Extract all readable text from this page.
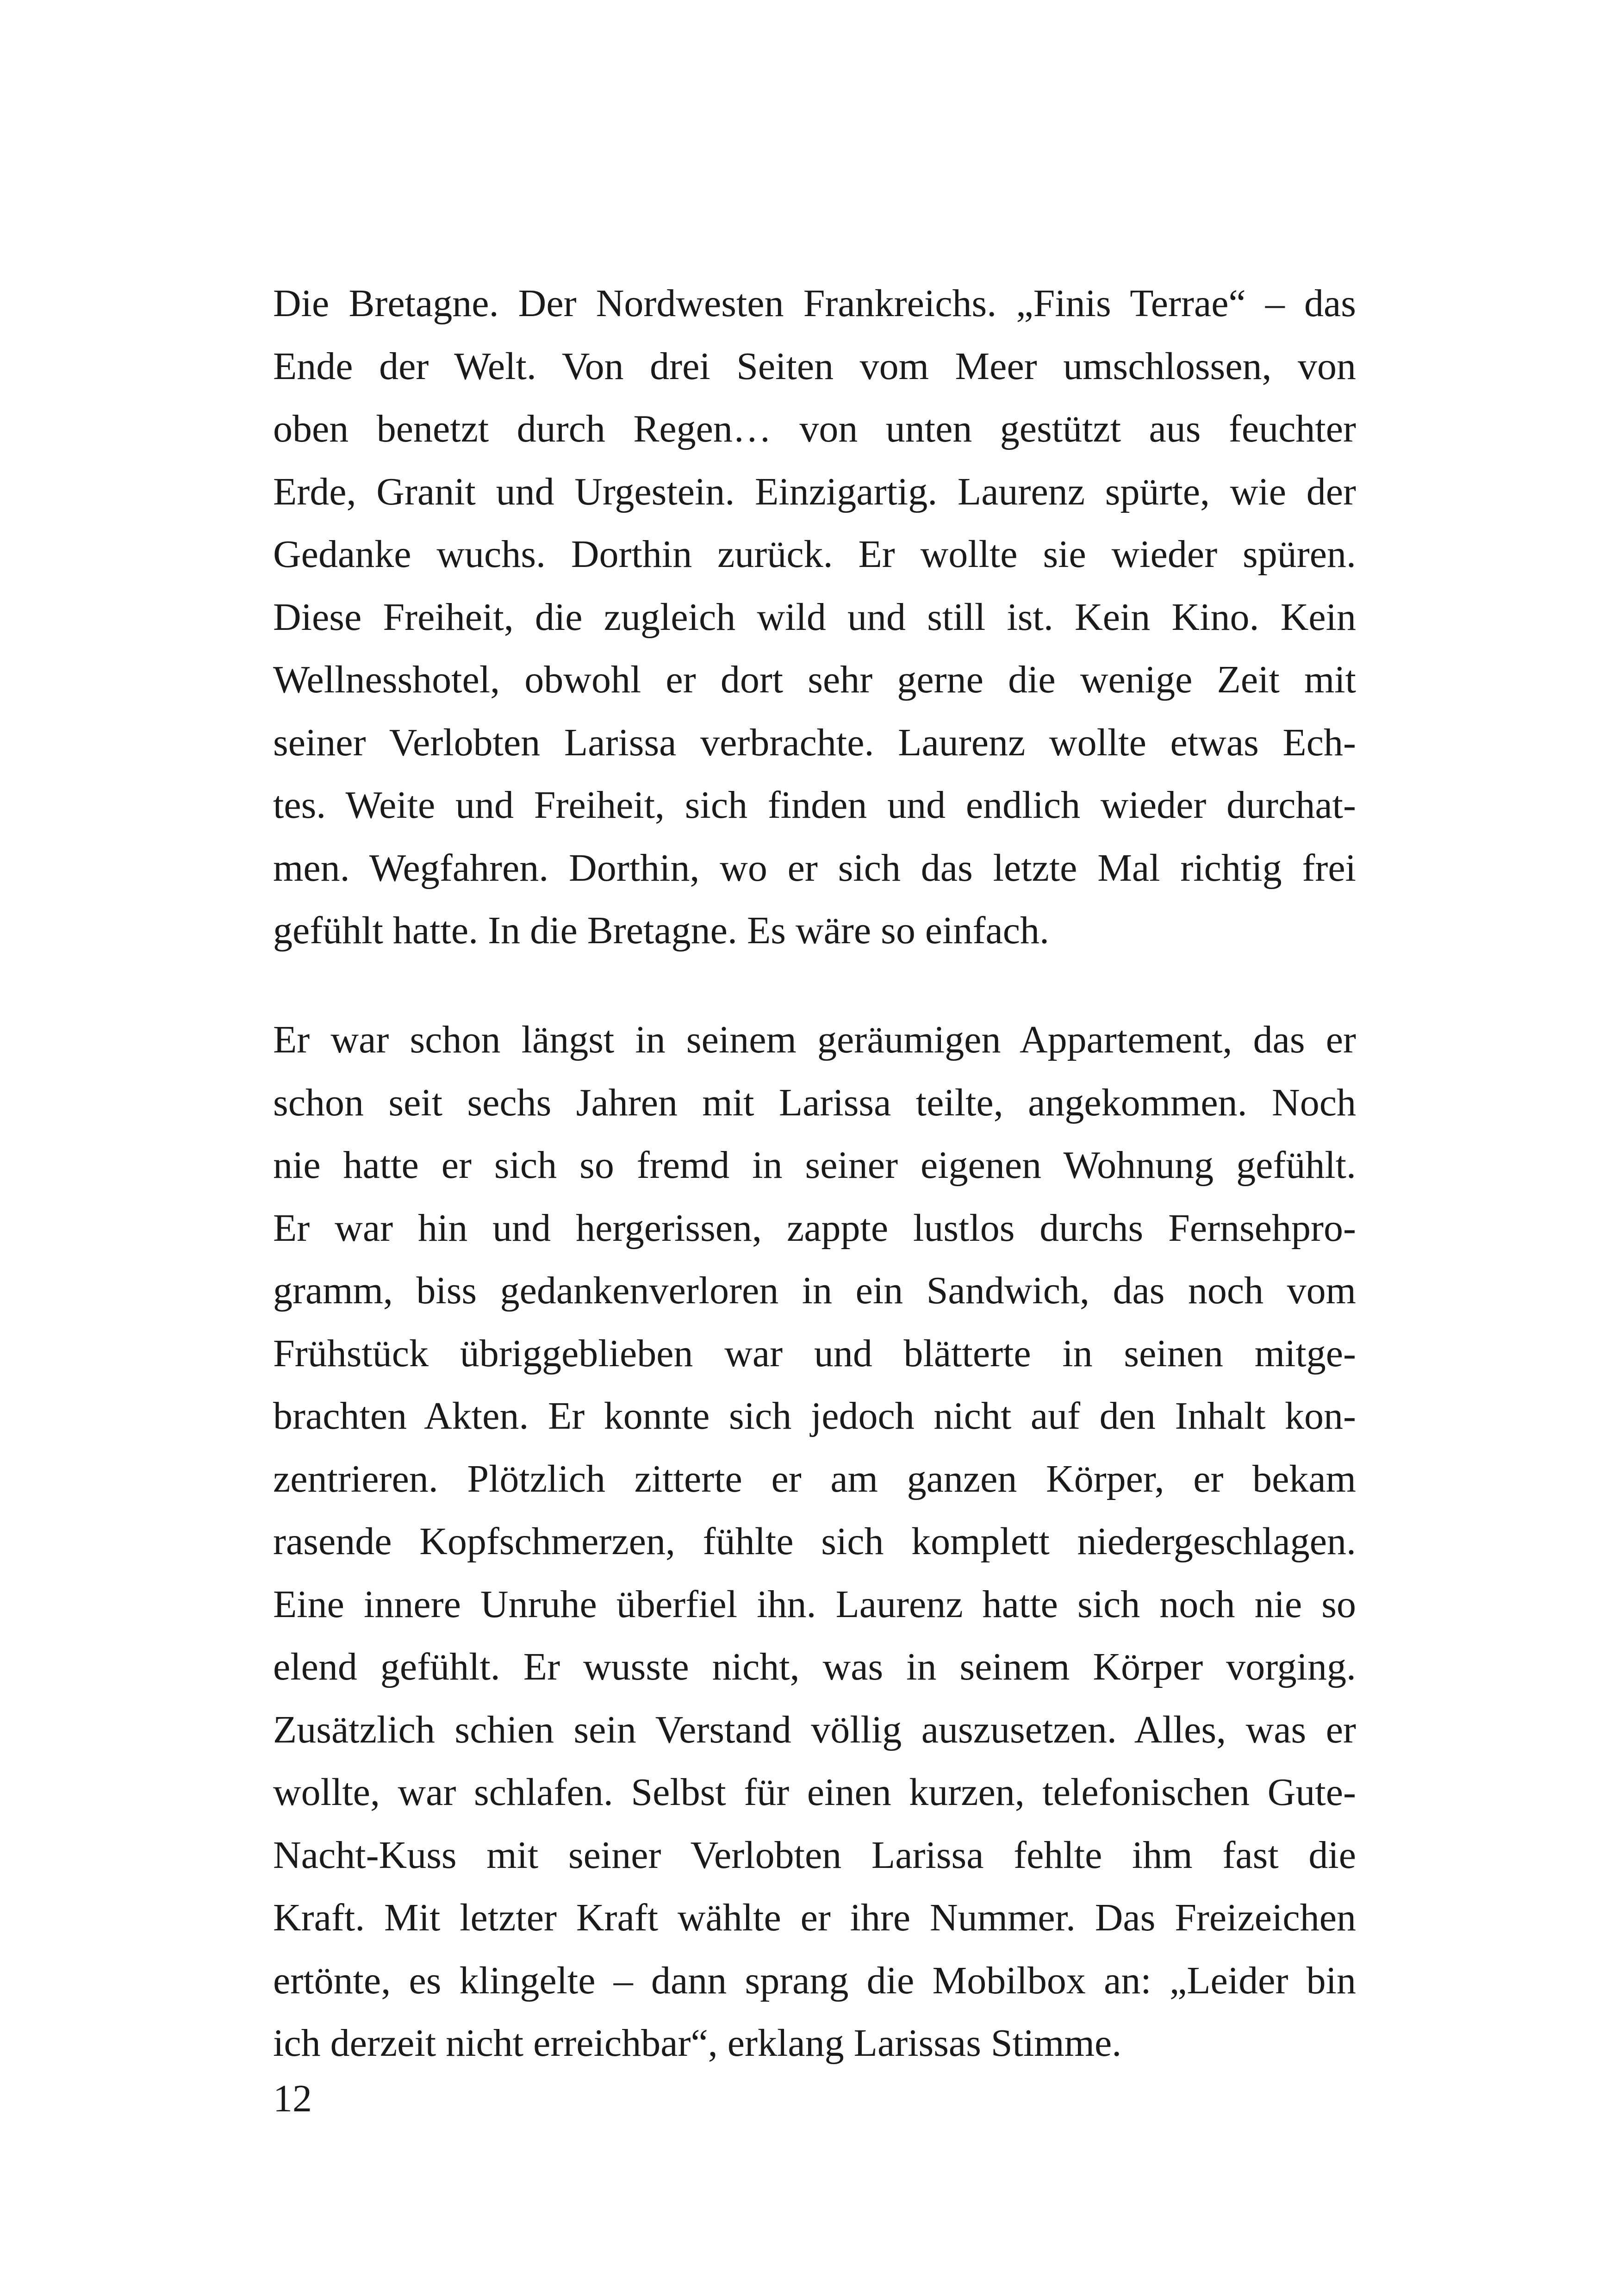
Die Bretagne. Der Nordwesten Frankreichs. „Finis Terrae“ – das
Ende der Welt. Von drei Seiten vom Meer umschlossen, von
oben benetzt durch Regen… von unten gestützt aus feuchter
Erde, Granit und Urgestein. Einzigartig. Laurenz spürte, wie der
Gedanke wuchs. Dorthin zurück. Er wollte sie wieder spüren.
Diese Freiheit, die zugleich wild und still ist. Kein Kino. Kein
Wellnesshotel, obwohl er dort sehr gerne die wenige Zeit mit
seiner Verlobten Larissa verbrachte. Laurenz wollte etwas Ech-
tes. Weite und Freiheit, sich finden und endlich wieder durchat-
men. Wegfahren. Dorthin, wo er sich das letzte Mal richtig frei
gefühlt hatte. In die Bretagne. Es wäre so einfach.
Er war schon längst in seinem geräumigen Appartement, das er
schon seit sechs Jahren mit Larissa teilte, angekommen. Noch
nie hatte er sich so fremd in seiner eigenen Wohnung gefühlt.
Er war hin und hergerissen, zappte lustlos durchs Fernsehpro-
gramm, biss gedankenverloren in ein Sandwich, das noch vom
Frühstück übriggeblieben war und blätterte in seinen mitge-
brachten Akten. Er konnte sich jedoch nicht auf den Inhalt kon-
zentrieren. Plötzlich zitterte er am ganzen Körper, er bekam
rasende Kopfschmerzen, fühlte sich komplett niedergeschlagen.
Eine innere Unruhe überfiel ihn. Laurenz hatte sich noch nie so
elend gefühlt. Er wusste nicht, was in seinem Körper vorging.
Zusätzlich schien sein Verstand völlig auszusetzen. Alles, was er
wollte, war schlafen. Selbst für einen kurzen, telefonischen Gute-
Nacht-Kuss mit seiner Verlobten Larissa fehlte ihm fast die
Kraft. Mit letzter Kraft wählte er ihre Nummer. Das Freizeichen
ertönte, es klingelte – dann sprang die Mobilbox an: „Leider bin
ich derzeit nicht erreichbar“, erklang Larissas Stimme.
12
